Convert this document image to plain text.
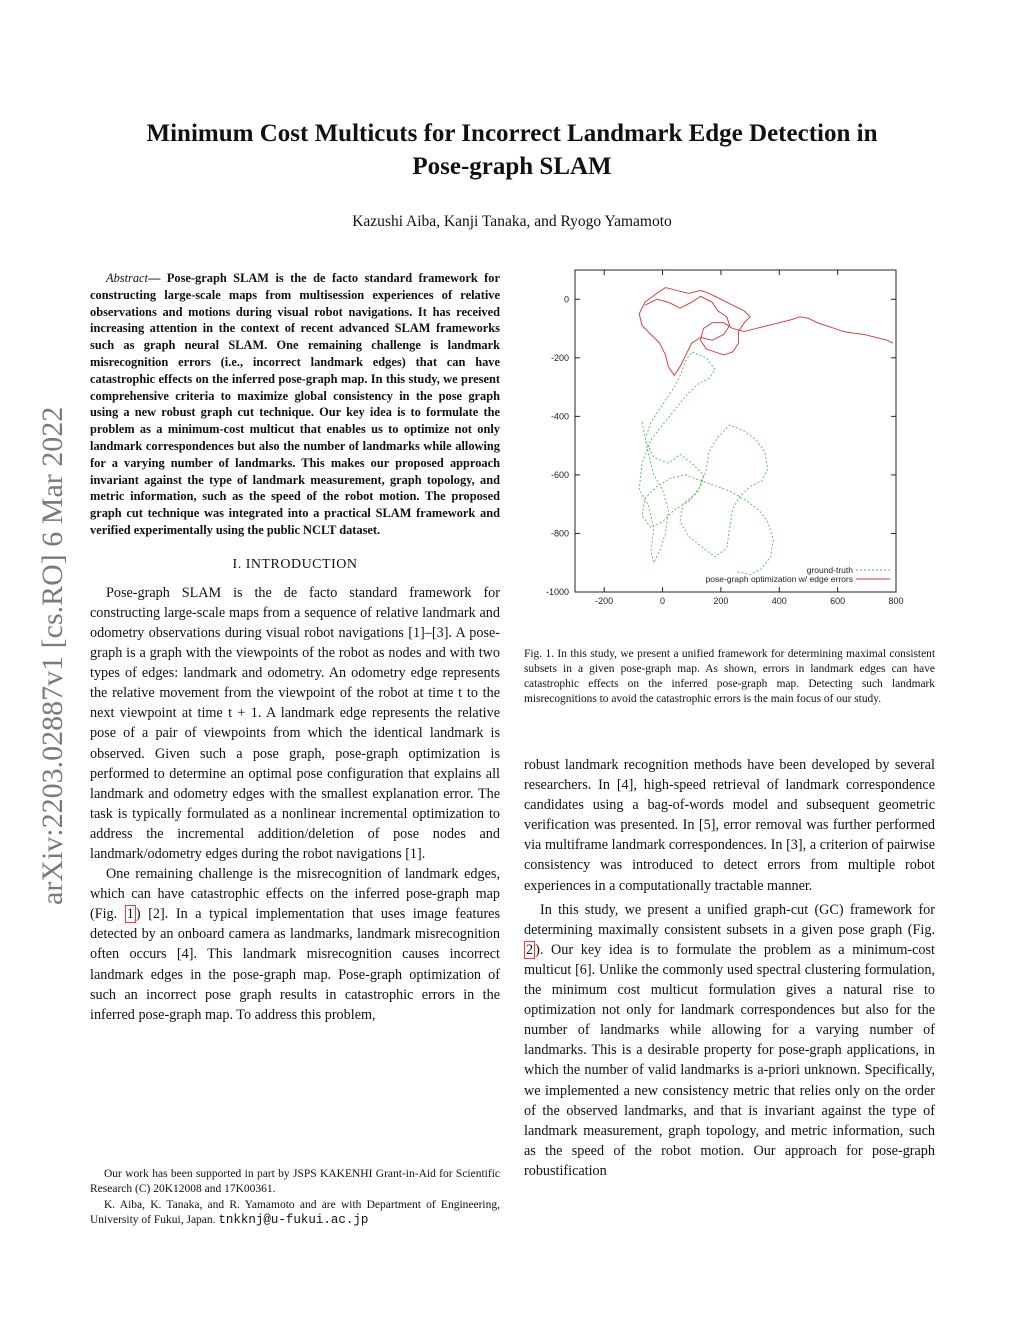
arXiv:2203.02887v1 [cs.RO] 6 Mar 2022
Minimum Cost Multicuts for Incorrect Landmark Edge Detection in
Pose-graph SLAM

Kazushi Aiba, Kanji Tanaka, and Ryogo Yamamoto

Abstract— Pose-graph SLAM is the de facto standard framework for constructing large-scale maps from multisession experiences of relative observations and motions during visual robot navigations. It has received increasing attention in the context of recent advanced SLAM frameworks such as graph neural SLAM. One remaining challenge is landmark misrecognition errors (i.e., incorrect landmark edges) that can have catastrophic effects on the inferred pose-graph map. In this study, we present comprehensive criteria to maximize global consistency in the pose graph using a new robust graph cut technique. Our key idea is to formulate the problem as a minimum-cost multicut that enables us to optimize not only landmark correspondences but also the number of landmarks while allowing for a varying number of landmarks. This makes our proposed approach invariant against the type of landmark measurement, graph topology, and metric information, such as the speed of the robot motion. The proposed graph cut technique was integrated into a practical SLAM framework and verified experimentally using the public NCLT dataset.

I. INTRODUCTION

Pose-graph SLAM is the de facto standard framework for constructing large-scale maps from a sequence of relative landmark and odometry observations during visual robot navigations [1]–[3]. A pose-graph is a graph with the viewpoints of the robot as nodes and with two types of edges: landmark and odometry. An odometry edge represents the relative movement from the viewpoint of the robot at time t to the next viewpoint at time t + 1. A landmark edge represents the relative pose of a pair of viewpoints from which the identical landmark is observed. Given such a pose graph, pose-graph optimization is performed to determine an optimal pose configuration that explains all landmark and odometry edges with the smallest explanation error. The task is typically formulated as a nonlinear incremental optimization to address the incremental addition/deletion of pose nodes and landmark/odometry edges during the robot navigations [1].

One remaining challenge is the misrecognition of landmark edges, which can have catastrophic effects on the inferred pose-graph map (Fig. 1 ) [2]. In a typical implementation that uses image features detected by an onboard camera as landmarks, landmark misrecognition often occurs [4]. This landmark misrecognition causes incorrect landmark edges in the pose-graph map. Pose-graph optimization of such an incorrect pose graph results in catastrophic errors in the inferred pose-graph map. To address this problem,

Our work has been supported in part by JSPS KAKENHI Grant-in-Aid for Scientific Research (C) 20K12008 and 17K00361.

K. Aiba, K. Tanaka, and R. Yamamoto and are with Department of Engineering, University of Fukui, Japan. tnkknj@u-fukui.ac.jp

-200	0	200	400	600	800
0
-200
-400
-600
-800
-1000
ground-truth
pose-graph optimization w/ edge errors

Fig. 1. In this study, we present a unified framework for determining maximal consistent subsets in a given pose-graph map. As shown, errors in landmark edges can have catastrophic effects on the inferred pose-graph map. Detecting such landmark misrecognitions to avoid the catastrophic errors is the main focus of our study.

robust landmark recognition methods have been developed by several researchers. In [4], high-speed retrieval of landmark correspondence candidates using a bag-of-words model and subsequent geometric verification was presented. In [5], error removal was further performed via multiframe landmark correspondences. In [3], a criterion of pairwise consistency was introduced to detect errors from multiple robot experiences in a computationally tractable manner.

In this study, we present a unified graph-cut (GC) framework for determining maximally consistent subsets in a given pose graph (Fig. 2 ). Our key idea is to formulate the problem as a minimum-cost multicut [6]. Unlike the commonly used spectral clustering formulation, the minimum cost multicut formulation gives a natural rise to optimization not only for landmark correspondences but also for the number of landmarks while allowing for a varying number of landmarks. This is a desirable property for pose-graph applications, in which the number of valid landmarks is a-priori unknown. Specifically, we implemented a new consistency metric that relies only on the order of the observed landmarks, and that is invariant against the type of landmark measurement, graph topology, and metric information, such as the speed of the robot motion. Our approach for pose-graph robustification
